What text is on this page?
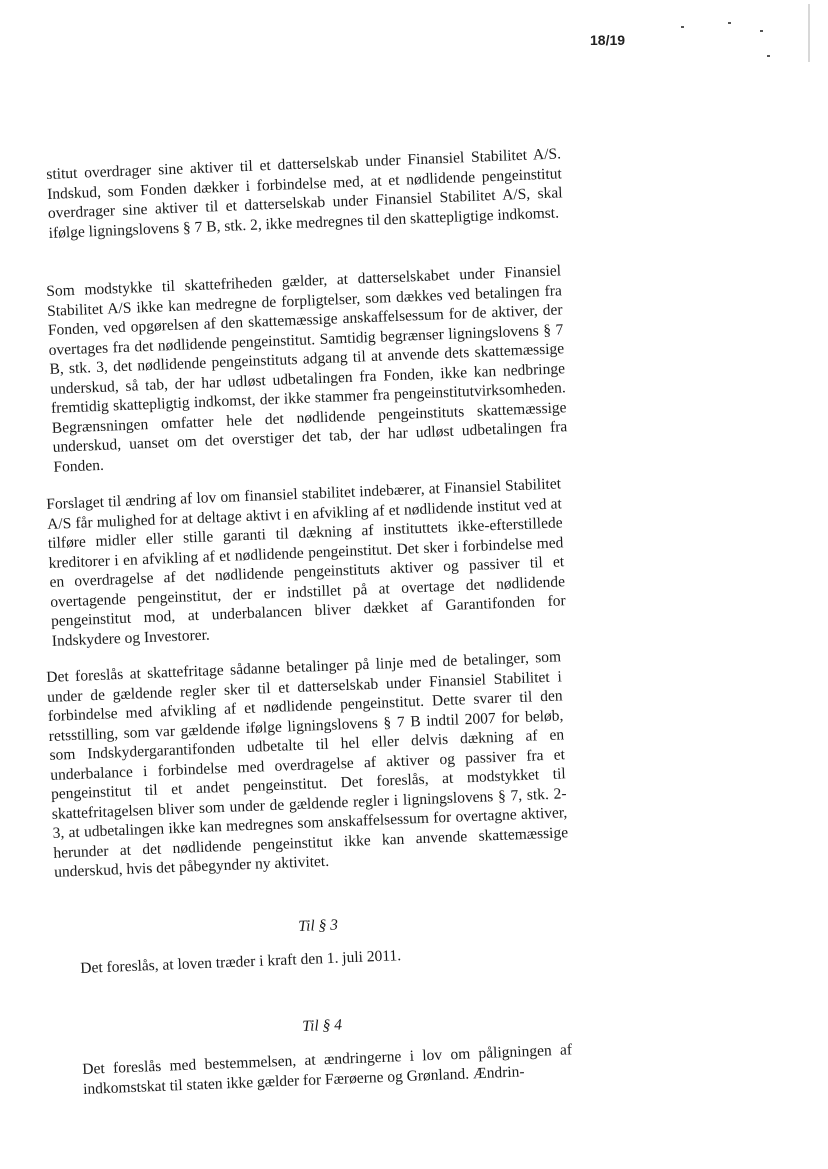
18/19

stitut overdrager sine aktiver til et datterselskab under Finansiel Stabilitet A/S. Indskud, som Fonden dækker i forbindelse med, at et nødlidende pengeinstitut overdrager sine aktiver til et datterselskab under Finansiel Stabilitet A/S, skal ifølge ligningslovens § 7 B, stk. 2, ikke medregnes til den skattepligtige indkomst.

Som modstykke til skattefriheden gælder, at datterselskabet under Finansiel Stabilitet A/S ikke kan medregne de forpligtelser, som dækkes ved betalingen fra Fonden, ved opgørelsen af den skattemæssige anskaffelsessum for de aktiver, der overtages fra det nødlidende pengeinstitut. Samtidig begrænser ligningslovens § 7 B, stk. 3, det nødlidende pengeinstituts adgang til at anvende dets skattemæssige underskud, så tab, der har udløst udbetalingen fra Fonden, ikke kan nedbringe fremtidig skattepligtig indkomst, der ikke stammer fra pengeinstitutvirksomheden. Begrænsningen omfatter hele det nødlidende pengeinstituts skattemæssige underskud, uanset om det overstiger det tab, der har udløst udbetalingen fra Fonden.

Forslaget til ændring af lov om finansiel stabilitet indebærer, at Finansiel Stabilitet A/S får mulighed for at deltage aktivt i en afvikling af et nødlidende institut ved at tilføre midler eller stille garanti til dækning af instituttets ikke-efterstillede kreditorer i en afvikling af et nødlidende pengeinstitut. Det sker i forbindelse med en overdragelse af det nødlidende pengeinstituts aktiver og passiver til et overtagende pengeinstitut, der er indstillet på at overtage det nødlidende pengeinstitut mod, at underbalancen bliver dækket af Garantifonden for Indskydere og Investorer.

Det foreslås at skattefritage sådanne betalinger på linje med de betalinger, som under de gældende regler sker til et datterselskab under Finansiel Stabilitet i forbindelse med afvikling af et nødlidende pengeinstitut. Dette svarer til den retsstilling, som var gældende ifølge ligningslovens § 7 B indtil 2007 for beløb, som Indskydergarantifonden udbetalte til hel eller delvis dækning af en underbalance i forbindelse med overdragelse af aktiver og passiver fra et pengeinstitut til et andet pengeinstitut. Det foreslås, at modstykket til skattefritagelsen bliver som under de gældende regler i ligningslovens § 7, stk. 2-3, at udbetalingen ikke kan medregnes som anskaffelsessum for overtagne aktiver, herunder at det nødlidende pengeinstitut ikke kan anvende skattemæssige underskud, hvis det påbegynder ny aktivitet.

Til § 3

Det foreslås, at loven træder i kraft den 1. juli 2011.

Til § 4

Det foreslås med bestemmelsen, at ændringerne i lov om påligningen af indkomstskat til staten ikke gælder for Færøerne og Grønland. Ændrin-
